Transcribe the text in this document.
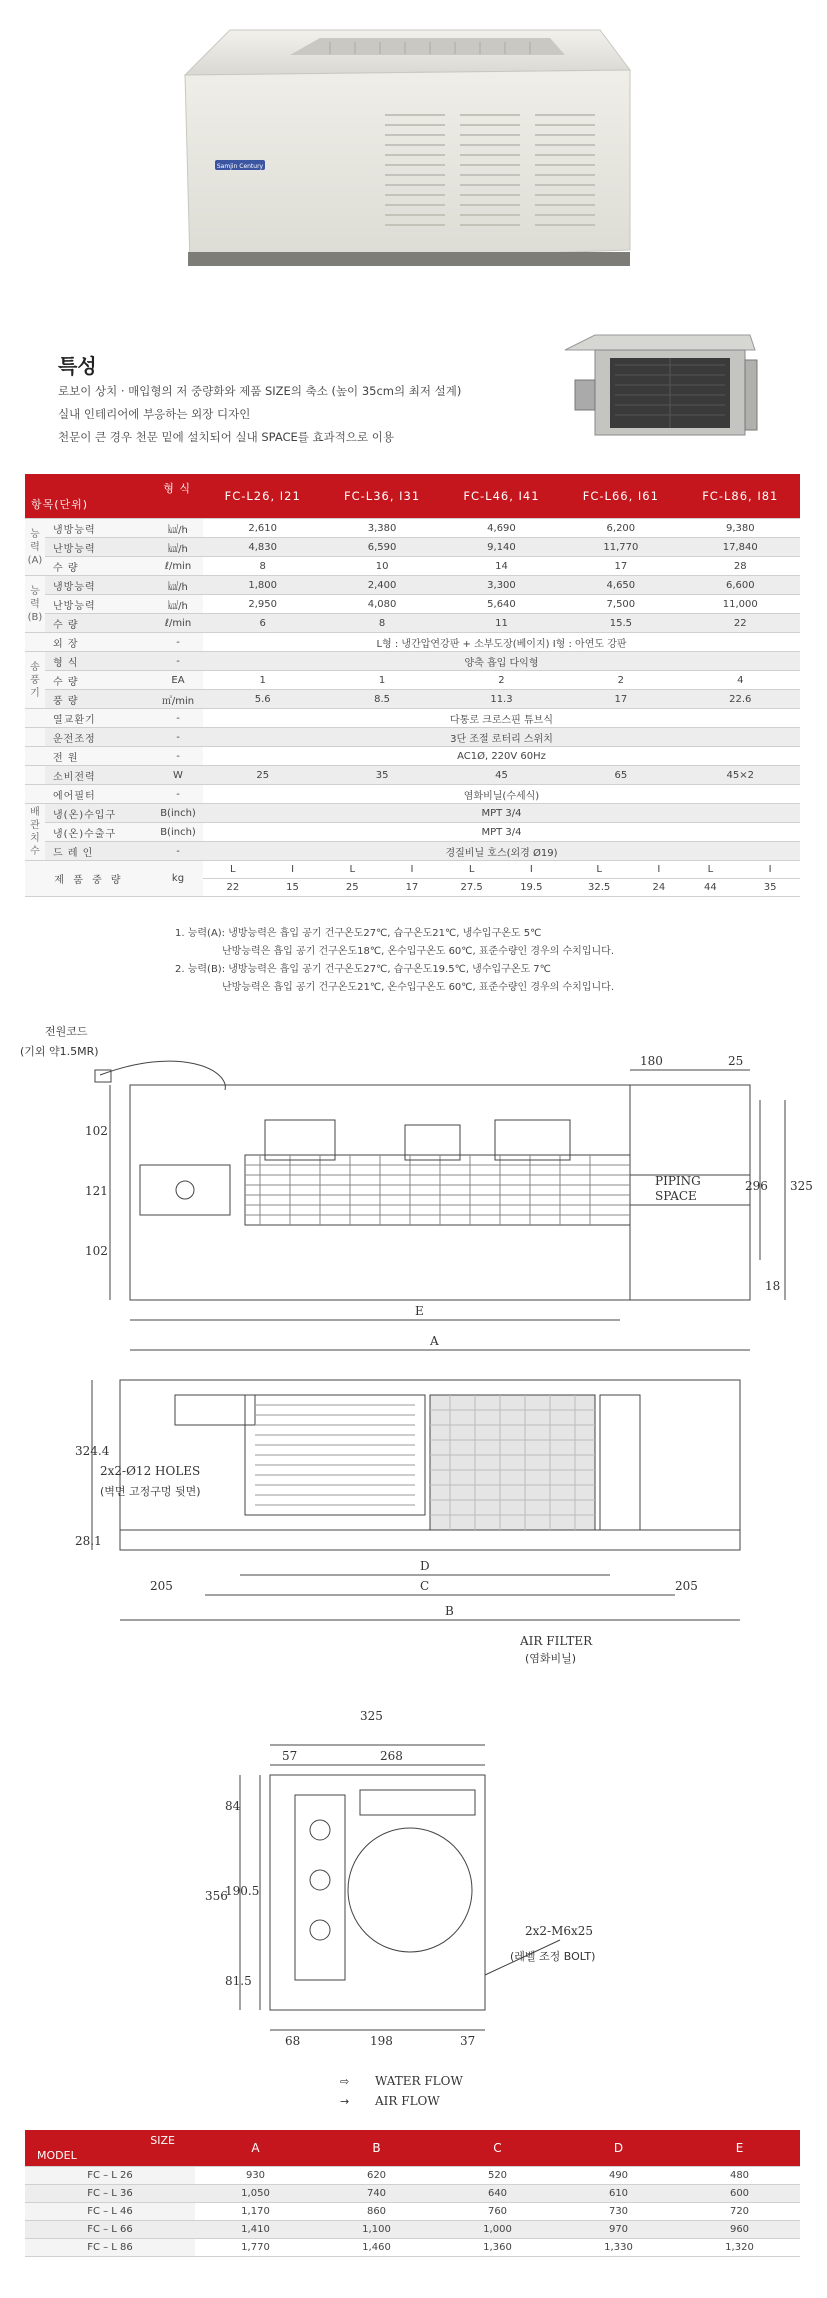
Samjin Century
특성
로보이 상치 · 매입형의 저 중량화와 제품 SIZE의 축소 (높이 35cm의 최저 설계)
실내 인테리어에 부응하는 외장 디자인
천문이 큰 경우 천문 밑에 설치되어 실내 SPACE를 효과적으로 이용
형 식
항목(단위)			FC-L26, I21		FC-L36, I31		FC-L46, I41		FC-L66, I61		FC-L86, I81	
능
력
(A)	냉방능력	㎉/h	2,610		3,380		4,690		6,200		9,380	
	난방능력	㎉/h	4,830		6,590		9,140		11,770		17,840	
	수 량	ℓ/min	8		10		14		17		28	
능
력
(B)	냉방능력	㎉/h	1,800		2,400		3,300		4,650		6,600	
	난방능력	㎉/h	2,950		4,080		5,640		7,500		11,000	
	수 량	ℓ/min	6		8		11		15.5		22	
	외 장	-	L형 : 냉간압연강판 + 소부도장(베이지) I형 : 아연도 강판									
송
풍
기	형 식	-	양축 흡입 다익형									
	수 량	EA	1		1		2		2		4	
	풍 량	㎥/min	5.6		8.5		11.3		17		22.6	
	열교환기	-	다통로 크로스핀 튜브식									
	운전조정	-	3단 조절 로터리 스위치									
	전 원	-	AC1Ø, 220V 60Hz									
	소비전력	W	25		35		45		65		45×2	
	에어필터	-	염화비닐(수세식)									
배
관
치
수	냉(온)수입구	B(inch)	MPT 3/4									
	냉(온)수출구	B(inch)	MPT 3/4									
	드 레 인	-	경질비닐 호스(외경 Ø19)									
제 품 중 량		kg	L	I	L	I	L	I	L	I	L	I
			22	15	25	17	27.5	19.5	32.5	24	44	35
1. 능력(A): 냉방능력은 흡입 공기 건구온도27℃, 습구온도21℃, 냉수입구온도 5℃
난방능력은 흡입 공기 건구온도18℃, 온수입구온도 60℃, 표준수량인 경우의 수치입니다.
2. 능력(B): 냉방능력은 흡입 공기 건구온도27℃, 습구온도19.5℃, 냉수입구온도 7℃
난방능력은 흡입 공기 건구온도21℃, 온수입구온도 60℃, 표준수량인 경우의 수치입니다.
전원코드
(기외 약1.5MR)
180	25
102
121
102
296 325
18
PIPING
SPACE
E
A
324.4
28.1
2x2-Ø12 HOLES
(벽면 고정구멍 뒷면)
D
C
B
205	205
AIR FILTER
(염화비닐)
325
57	268
356
84
190.5
81.5
68	198	37
2x2-M6x25
(레벨 조정 BOLT)
⇨ WATER FLOW
→ AIR FLOW
SIZE
MODEL	A	B	C	D	E
FC – L 26	930	620	520	490	480
FC – L 36	1,050	740	640	610	600
FC – L 46	1,170	860	760	730	720
FC – L 66	1,410	1,100	1,000	970	960
FC – L 86	1,770	1,460	1,360	1,330	1,320
